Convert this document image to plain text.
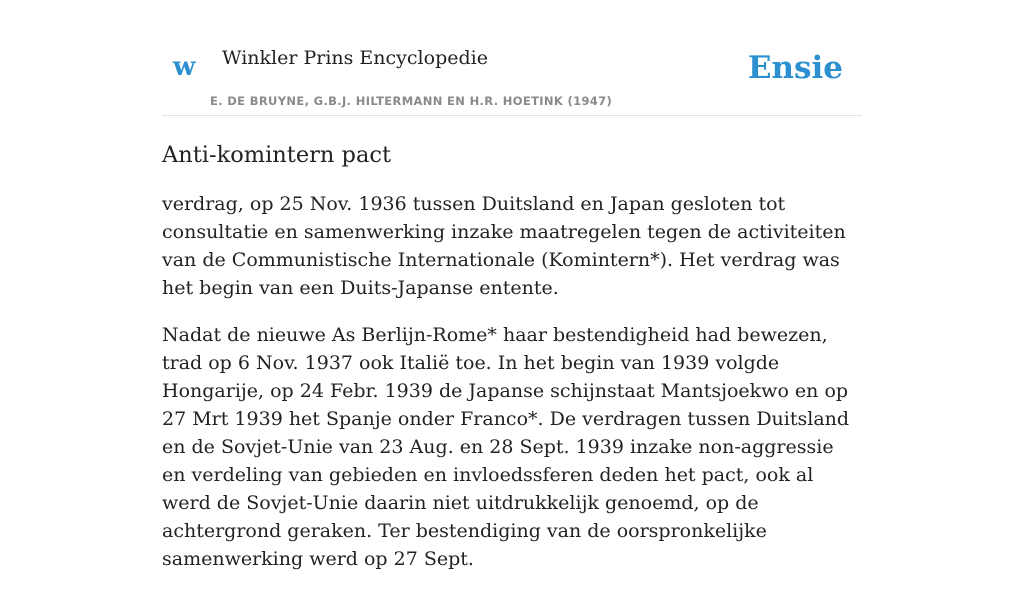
w Winkler Prins Encyclopedie
E. DE BRUYNE, G.B.J. HILTERMANN EN H.R. HOETINK (1947)
Ensie
Anti-komintern pact

verdrag, op 25 Nov. 1936 tussen Duitsland en Japan gesloten tot consultatie en samenwerking inzake maatregelen tegen de activiteiten van de Communistische Internationale (Komintern*). Het verdrag was het begin van een Duits-Japanse entente.

Nadat de nieuwe As Berlijn-Rome* haar bestendigheid had bewezen, trad op 6 Nov. 1937 ook Italië toe. In het begin van 1939 volgde Hongarije, op 24 Febr. 1939 de Japanse schijnstaat Mantsjoekwo en op 27 Mrt 1939 het Spanje onder Franco*. De verdragen tussen Duitsland en de Sovjet-Unie van 23 Aug. en 28 Sept. 1939 inzake non-aggressie en verdeling van gebieden en invloedssferen deden het pact, ook al werd de Sovjet-Unie daarin niet uitdrukkelijk genoemd, op de achtergrond geraken. Ter bestendiging van de oorspronkelijke samenwerking werd op 27 Sept.
